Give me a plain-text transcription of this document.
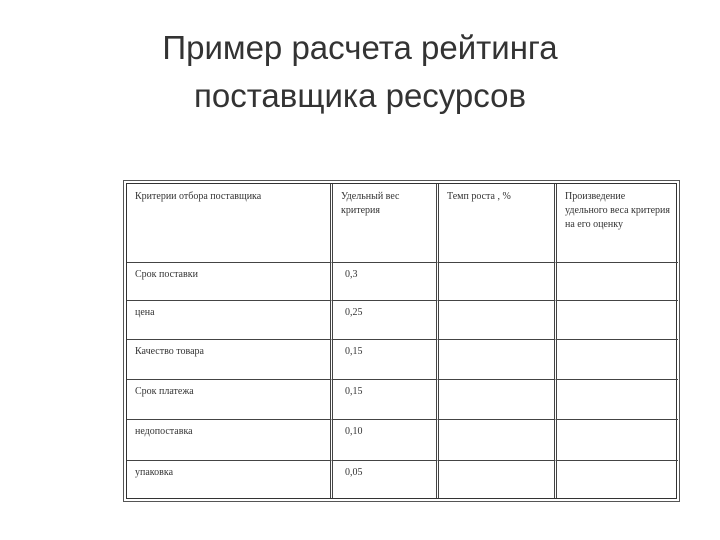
Пример расчета рейтинга
поставщика ресурсов
Критерии отбора поставщика	Удельный вес критерия	Темп роста , %	Произведение удельного веса критерия на его оценку
Срок поставки	0,3		
цена	0,25		
Качество товара	0,15		
Срок платежа	0,15		
недопоставка	0,10		
упаковка	0,05		
